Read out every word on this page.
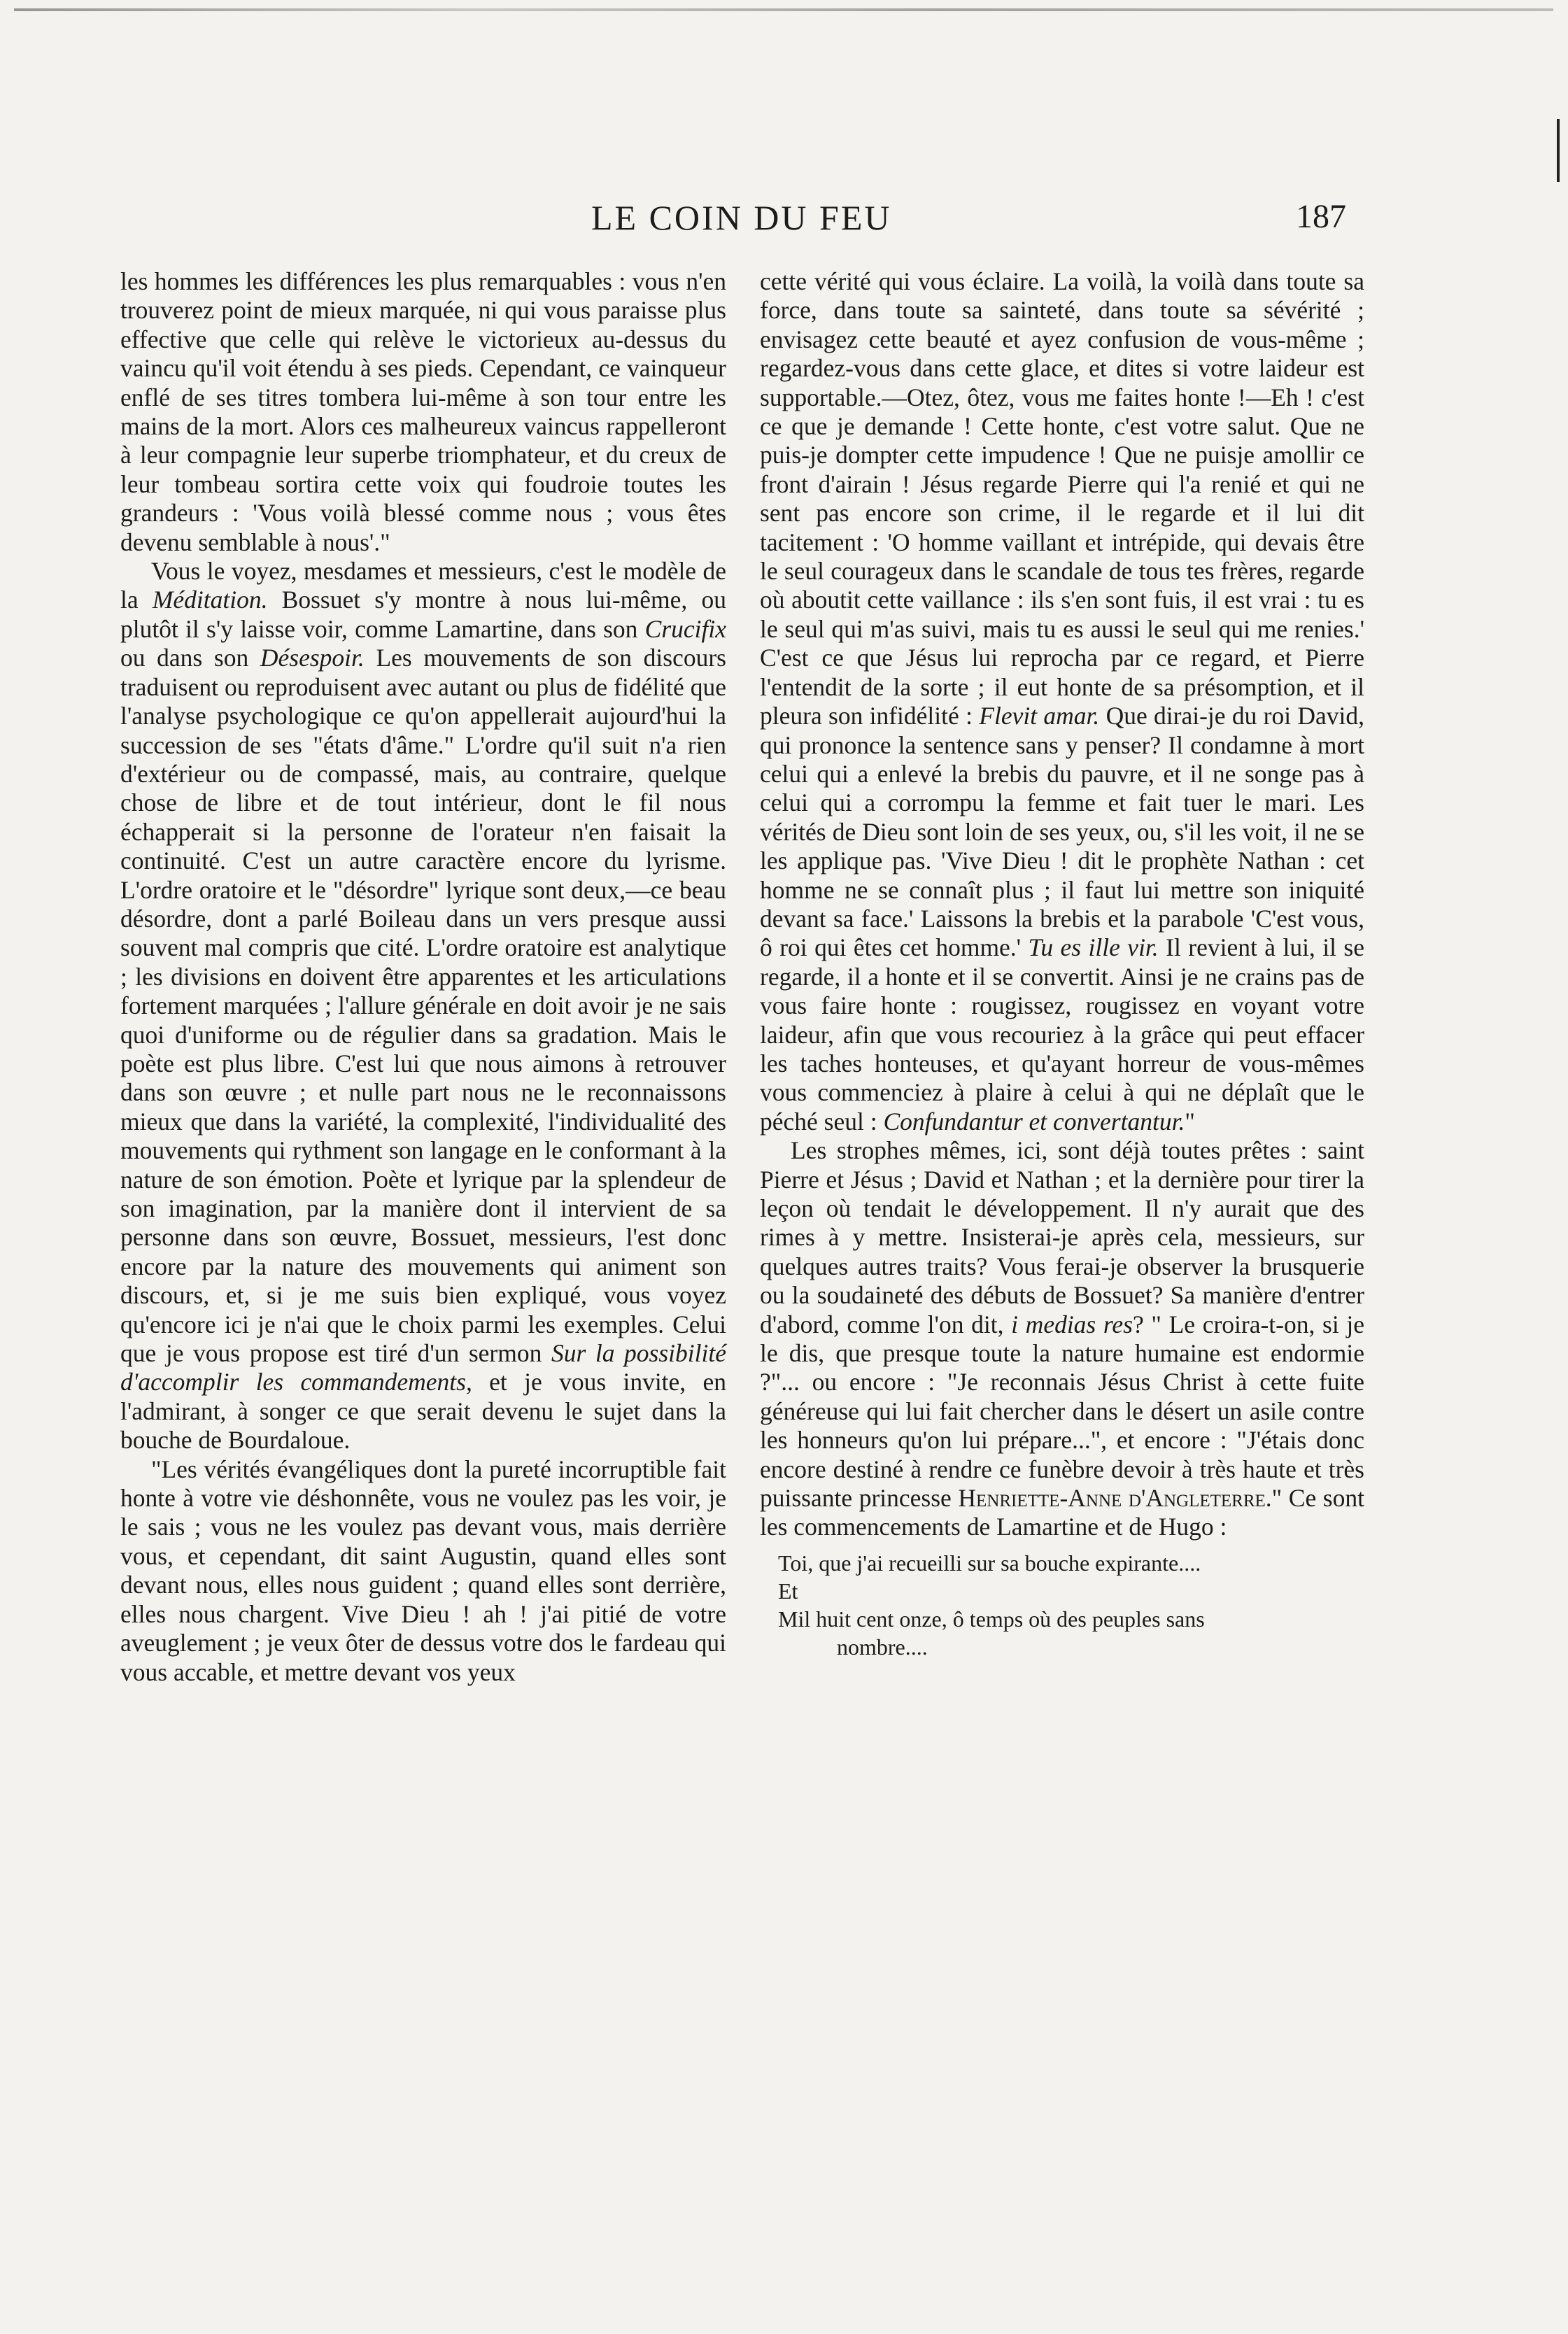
LE COIN DU FEU	187

les hommes les différences les plus remarquables : vous n'en trouverez point de mieux marquée, ni qui vous paraisse plus effective que celle qui relève le victorieux au-dessus du vaincu qu'il voit étendu à ses pieds. Cependant, ce vainqueur enflé de ses titres tombera lui-même à son tour entre les mains de la mort. Alors ces malheureux vaincus rappelleront à leur compagnie leur superbe triomphateur, et du creux de leur tombeau sortira cette voix qui foudroie toutes les grandeurs : 'Vous voilà blessé comme nous ; vous êtes devenu semblable à nous'."

Vous le voyez, mesdames et messieurs, c'est le modèle de la Méditation. Bossuet s'y montre à nous lui-même, ou plutôt il s'y laisse voir, comme Lamartine, dans son Crucifix ou dans son Désespoir. Les mouvements de son discours traduisent ou reproduisent avec autant ou plus de fidélité que l'analyse psychologique ce qu'on appellerait aujourd'hui la succession de ses "états d'âme." L'ordre qu'il suit n'a rien d'extérieur ou de compassé, mais, au contraire, quelque chose de libre et de tout intérieur, dont le fil nous échapperait si la personne de l'orateur n'en faisait la continuité. C'est un autre caractère encore du lyrisme. L'ordre oratoire et le "désordre" lyrique sont deux,—ce beau désordre, dont a parlé Boileau dans un vers presque aussi souvent mal compris que cité. L'ordre oratoire est analytique ; les divisions en doivent être apparentes et les articulations fortement marquées ; l'allure générale en doit avoir je ne sais quoi d'uniforme ou de régulier dans sa gradation. Mais le poète est plus libre. C'est lui que nous aimons à retrouver dans son œuvre ; et nulle part nous ne le reconnaissons mieux que dans la variété, la complexité, l'individualité des mouvements qui rythment son langage en le conformant à la nature de son émotion. Poète et lyrique par la splendeur de son imagination, par la manière dont il intervient de sa personne dans son œuvre, Bossuet, messieurs, l'est donc encore par la nature des mouvements qui animent son discours, et, si je me suis bien expliqué, vous voyez qu'encore ici je n'ai que le choix parmi les exemples. Celui que je vous propose est tiré d'un sermon Sur la possibilité d'accomplir les commandements, et je vous invite, en l'admirant, à songer ce que serait devenu le sujet dans la bouche de Bourdaloue.

"Les vérités évangéliques dont la pureté incorruptible fait honte à votre vie déshonnête, vous ne voulez pas les voir, je le sais ; vous ne les voulez pas devant vous, mais derrière vous, et cependant, dit saint Augustin, quand elles sont devant nous, elles nous guident ; quand elles sont derrière, elles nous chargent. Vive Dieu ! ah ! j'ai pitié de votre aveuglement ; je veux ôter de dessus votre dos le fardeau qui vous accable, et mettre devant vos yeux

cette vérité qui vous éclaire. La voilà, la voilà dans toute sa force, dans toute sa sainteté, dans toute sa sévérité ; envisagez cette beauté et ayez confusion de vous-même ; regardez-vous dans cette glace, et dites si votre laideur est supportable.—Otez, ôtez, vous me faites honte !—Eh ! c'est ce que je demande ! Cette honte, c'est votre salut. Que ne puis-je dompter cette impudence ! Que ne puisje amollir ce front d'airain ! Jésus regarde Pierre qui l'a renié et qui ne sent pas encore son crime, il le regarde et il lui dit tacitement : 'O homme vaillant et intrépide, qui devais être le seul courageux dans le scandale de tous tes frères, regarde où aboutit cette vaillance : ils s'en sont fuis, il est vrai : tu es le seul qui m'as suivi, mais tu es aussi le seul qui me renies.' C'est ce que Jésus lui reprocha par ce regard, et Pierre l'entendit de la sorte ; il eut honte de sa présomption, et il pleura son infidélité : Flevit amar. Que dirai-je du roi David, qui prononce la sentence sans y penser? Il condamne à mort celui qui a enlevé la brebis du pauvre, et il ne songe pas à celui qui a corrompu la femme et fait tuer le mari. Les vérités de Dieu sont loin de ses yeux, ou, s'il les voit, il ne se les applique pas. 'Vive Dieu ! dit le prophète Nathan : cet homme ne se connaît plus ; il faut lui mettre son iniquité devant sa face.' Laissons la brebis et la parabole 'C'est vous, ô roi qui êtes cet homme.' Tu es ille vir. Il revient à lui, il se regarde, il a honte et il se convertit. Ainsi je ne crains pas de vous faire honte : rougissez, rougissez en voyant votre laideur, afin que vous recouriez à la grâce qui peut effacer les taches honteuses, et qu'ayant horreur de vous-mêmes vous commenciez à plaire à celui à qui ne déplaît que le péché seul : Confundantur et convertantur."

Les strophes mêmes, ici, sont déjà toutes prêtes : saint Pierre et Jésus ; David et Nathan ; et la dernière pour tirer la leçon où tendait le développement. Il n'y aurait que des rimes à y mettre. Insisterai-je après cela, messieurs, sur quelques autres traits? Vous ferai-je observer la brusquerie ou la soudaineté des débuts de Bossuet? Sa manière d'entrer d'abord, comme l'on dit, i medias res? " Le croira-t-on, si je le dis, que presque toute la nature humaine est endormie ?"... ou encore : "Je reconnais Jésus Christ à cette fuite généreuse qui lui fait chercher dans le désert un asile contre les honneurs qu'on lui prépare...", et encore : "J'étais donc encore destiné à rendre ce funèbre devoir à très haute et très puissante princesse Henriette-Anne d'Angleterre." Ce sont les commencements de Lamartine et de Hugo :

Toi, que j'ai recueilli sur sa bouche expirante....
Et
Mil huit cent onze, ô temps où des peuples sans
nombre....
